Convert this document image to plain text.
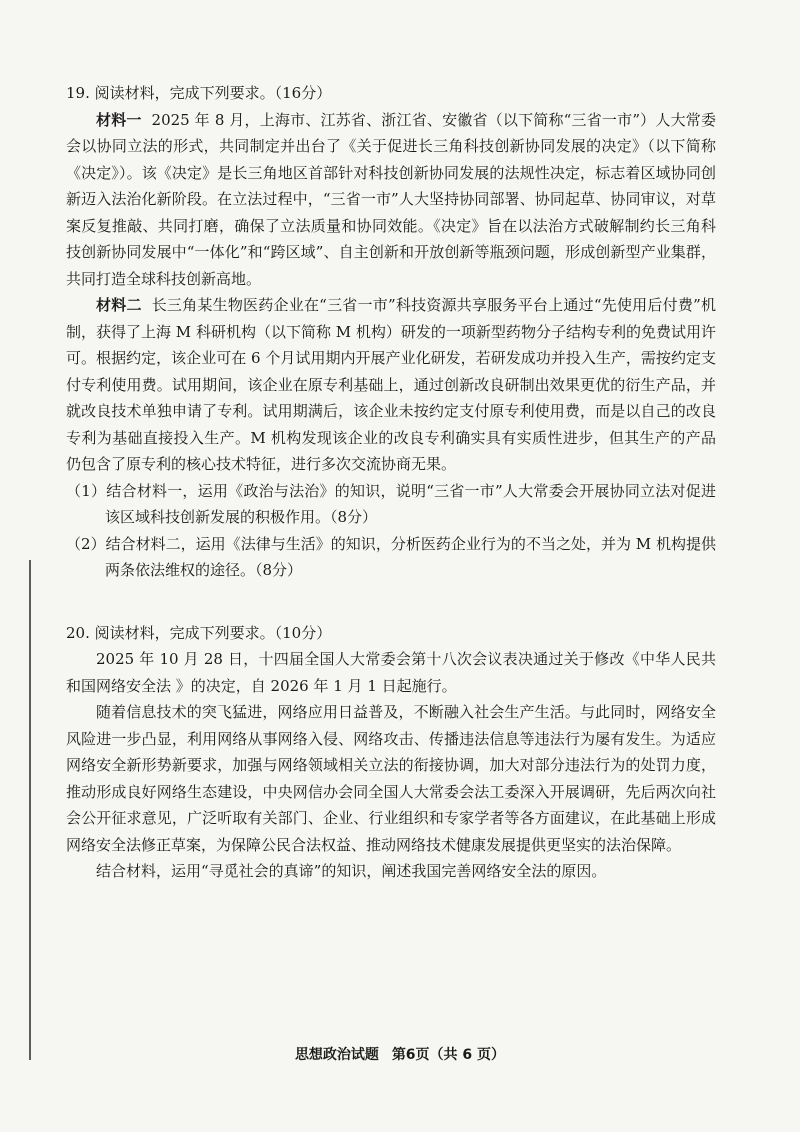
19. 阅读材料，完成下列要求。（16分）

材料一 2025 年 8 月，上海市、江苏省、浙江省、安徽省（以下简称“三省一市”）人大常委会以协同立法的形式，共同制定并出台了《关于促进长三角科技创新协同发展的决定》（以下简称《决定》）。该《决定》是长三角地区首部针对科技创新协同发展的法规性决定，标志着区域协同创新迈入法治化新阶段。在立法过程中，“三省一市”人大坚持协同部署、协同起草、协同审议，对草案反复推敲、共同打磨，确保了立法质量和协同效能。《决定》旨在以法治方式破解制约长三角科技创新协同发展中“一体化”和“跨区域”、自主创新和开放创新等瓶颈问题，形成创新型产业集群，共同打造全球科技创新高地。

材料二 长三角某生物医药企业在“三省一市”科技资源共享服务平台上通过“先使用后付费”机制，获得了上海 M 科研机构（以下简称 M 机构）研发的一项新型药物分子结构专利的免费试用许可。根据约定，该企业可在 6 个月试用期内开展产业化研发，若研发成功并投入生产，需按约定支付专利使用费。试用期间，该企业在原专利基础上，通过创新改良研制出效果更优的衍生产品，并就改良技术单独申请了专利。试用期满后，该企业未按约定支付原专利使用费，而是以自己的改良专利为基础直接投入生产。M 机构发现该企业的改良专利确实具有实质性进步，但其生产的产品仍包含了原专利的核心技术特征，进行多次交流协商无果。

（1）结合材料一，运用《政治与法治》的知识，说明“三省一市”人大常委会开展协同立法对促进该区域科技创新发展的积极作用。（8分）

（2）结合材料二，运用《法律与生活》的知识，分析医药企业行为的不当之处，并为 M 机构提供两条依法维权的途径。（8分）

20. 阅读材料，完成下列要求。（10分）

2025 年 10 月 28 日，十四届全国人大常委会第十八次会议表决通过关于修改《中华人民共和国网络安全法 》的决定，自 2026 年 1 月 1 日起施行。

随着信息技术的突飞猛进，网络应用日益普及，不断融入社会生产生活。与此同时，网络安全风险进一步凸显，利用网络从事网络入侵、网络攻击、传播违法信息等违法行为屡有发生。为适应网络安全新形势新要求，加强与网络领域相关立法的衔接协调，加大对部分违法行为的处罚力度，推动形成良好网络生态建设，中央网信办会同全国人大常委会法工委深入开展调研，先后两次向社会公开征求意见，广泛听取有关部门、企业、行业组织和专家学者等各方面建议，在此基础上形成网络安全法修正草案，为保障公民合法权益、推动网络技术健康发展提供更坚实的法治保障。

结合材料，运用“寻觅社会的真谛”的知识，阐述我国完善网络安全法的原因。

思想政治试题 第6页（共 6 页）
